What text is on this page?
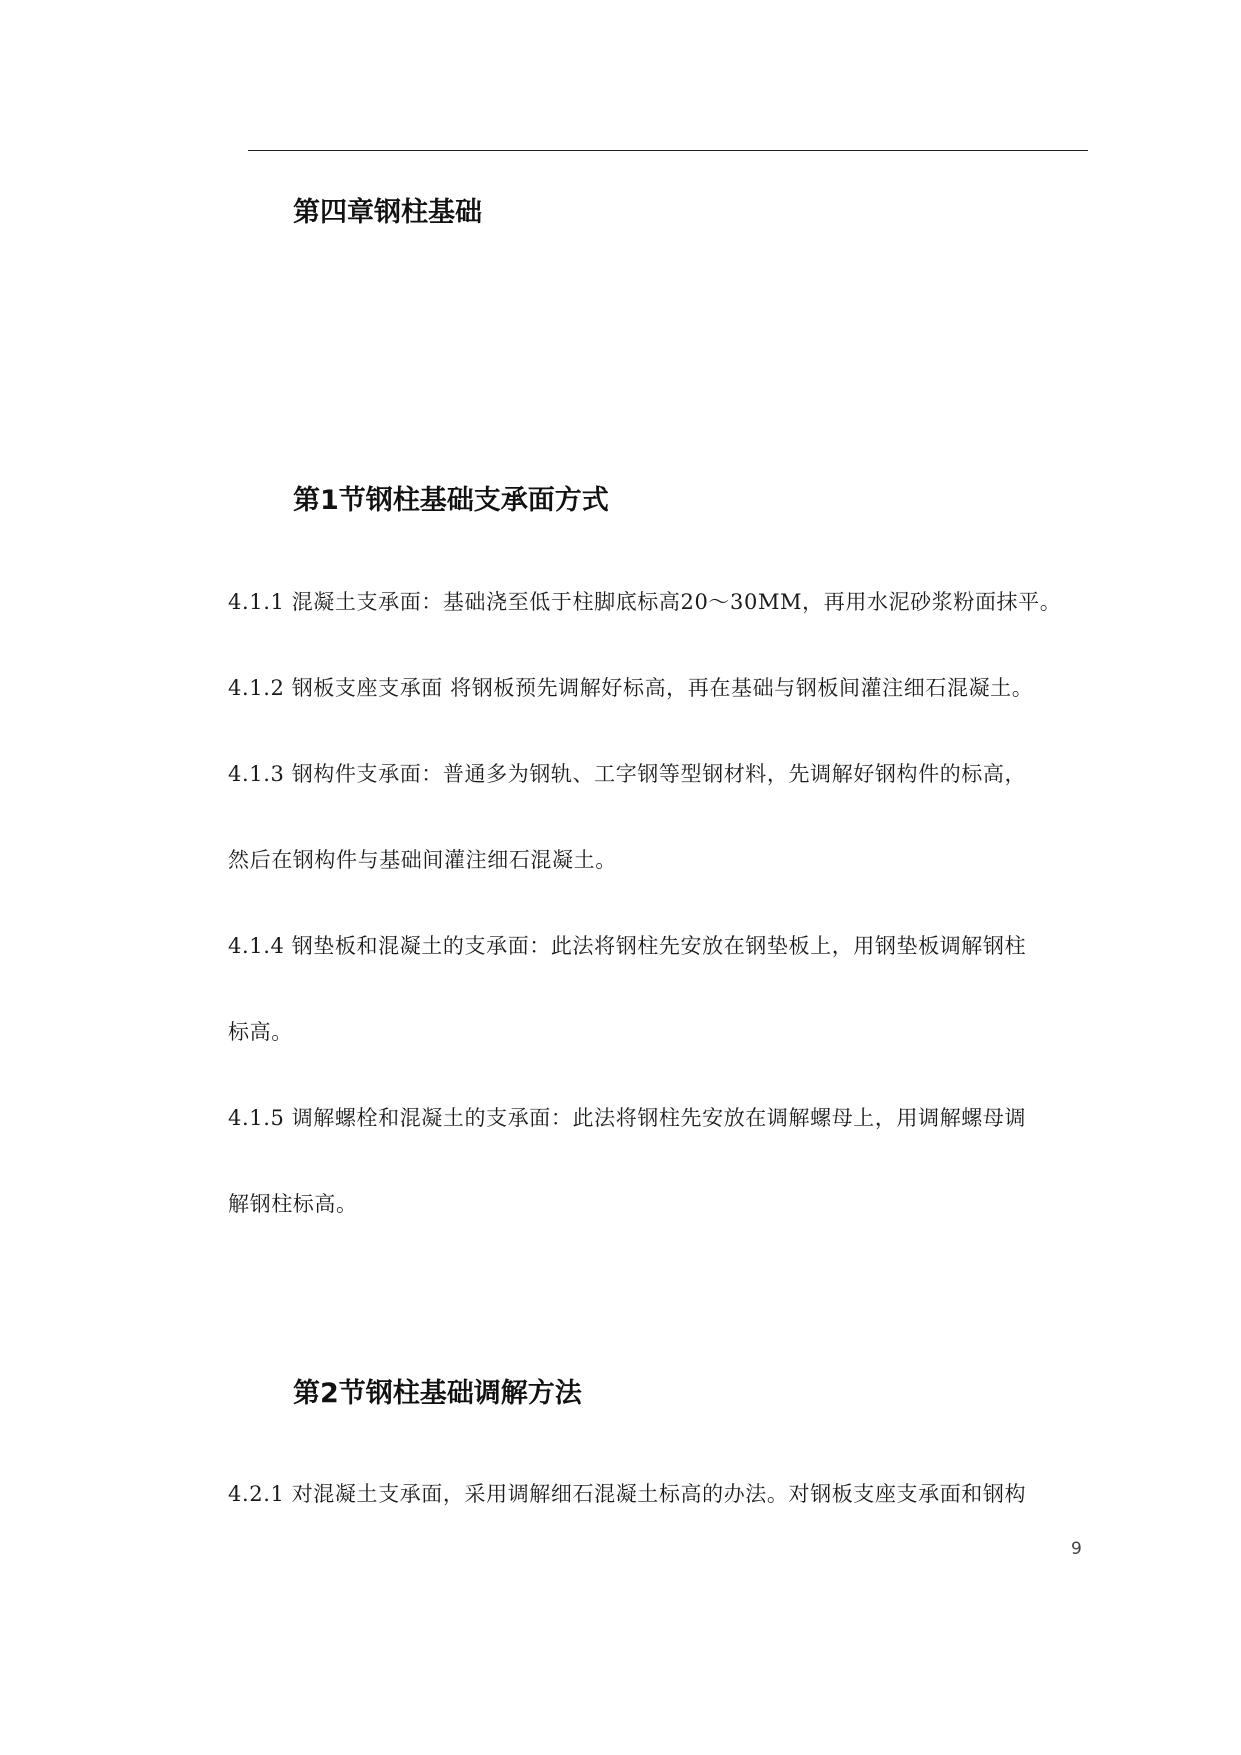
第四章钢柱基础
第1节钢柱基础支承面方式
4.1.1 混凝土支承面：基础浇至低于柱脚底标高20～30MM，再用水泥砂浆粉面抹平。
4.1.2 钢板支座支承面 将钢板预先调解好标高，再在基础与钢板间灌注细石混凝土。
4.1.3 钢构件支承面：普通多为钢轨、工字钢等型钢材料，先调解好钢构件的标高，
然后在钢构件与基础间灌注细石混凝土。
4.1.4 钢垫板和混凝土的支承面：此法将钢柱先安放在钢垫板上，用钢垫板调解钢柱
标高。
4.1.5 调解螺栓和混凝土的支承面：此法将钢柱先安放在调解螺母上，用调解螺母调
解钢柱标高。
第2节钢柱基础调解方法
4.2.1 对混凝土支承面，采用调解细石混凝土标高的办法。对钢板支座支承面和钢构
9
